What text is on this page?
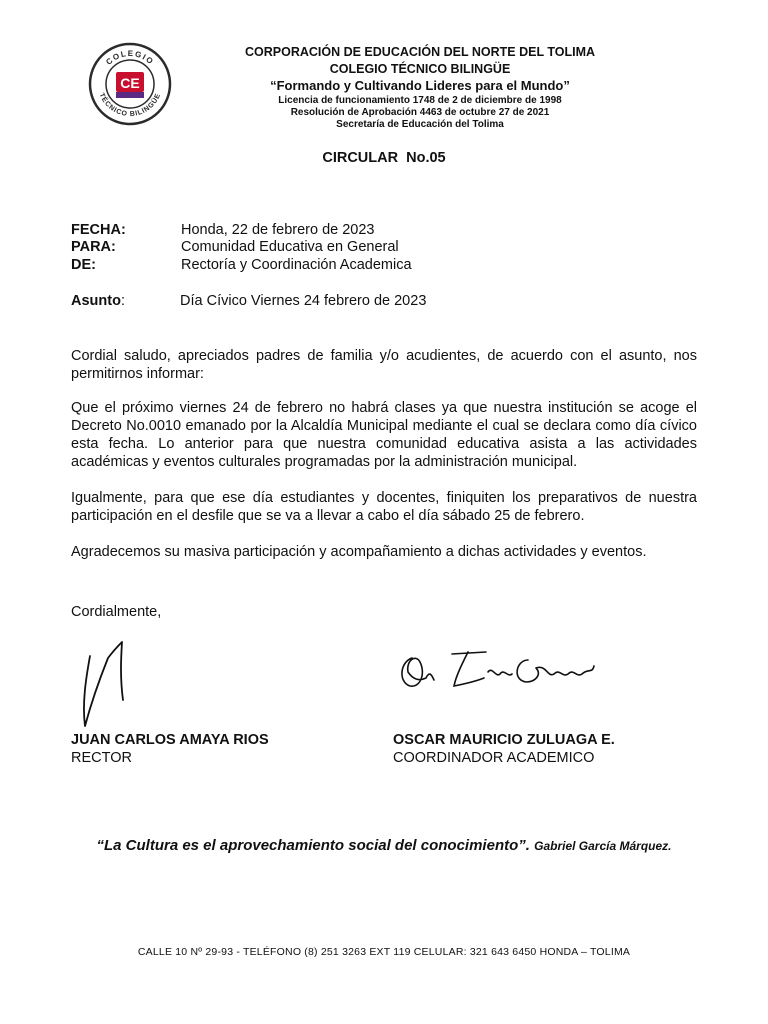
COLEGIO
TÉCNICO BILINGÜE
CE
CORPORACIÓN DE EDUCACIÓN DEL NORTE DEL TOLIMA
COLEGIO TÉCNICO BILINGÜE
“Formando y Cultivando Lideres para el Mundo”
Licencia de funcionamiento 1748 de 2 de diciembre de 1998
Resolución de Aprobación 4463 de octubre 27 de 2021
Secretaría de Educación del Tolima
CIRCULAR  No.05
FECHA:	Honda, 22 de febrero de 2023
PARA:	Comunidad Educativa en General
DE:	Rectoría y Coordinación Academica
Asunto:	Día Cívico Viernes 24 febrero de 2023
Cordial saludo, apreciados padres de familia y/o acudientes, de acuerdo con el asunto, nos permitirnos informar:
Que el próximo viernes 24 de febrero no habrá clases ya que nuestra institución se acoge el Decreto No.0010 emanado por la Alcaldía Municipal mediante el cual se declara como día cívico esta fecha. Lo anterior para que nuestra comunidad educativa asista a las actividades académicas y eventos culturales programadas por la administración municipal.
Igualmente, para que ese día estudiantes y docentes, finiquiten los preparativos de nuestra participación en el desfile que se va a llevar a cabo el día sábado 25 de febrero.
Agradecemos su masiva participación y acompañamiento a dichas actividades y eventos.
Cordialmente,
JUAN CARLOS AMAYA RIOS
RECTOR
OSCAR MAURICIO ZULUAGA E.
COORDINADOR ACADEMICO
“La Cultura es el aprovechamiento social del conocimiento”. Gabriel García Márquez.
CALLE 10 Nº 29-93 - TELÉFONO (8) 251 3263 EXT 119 CELULAR: 321 643 6450 HONDA – TOLIMA
